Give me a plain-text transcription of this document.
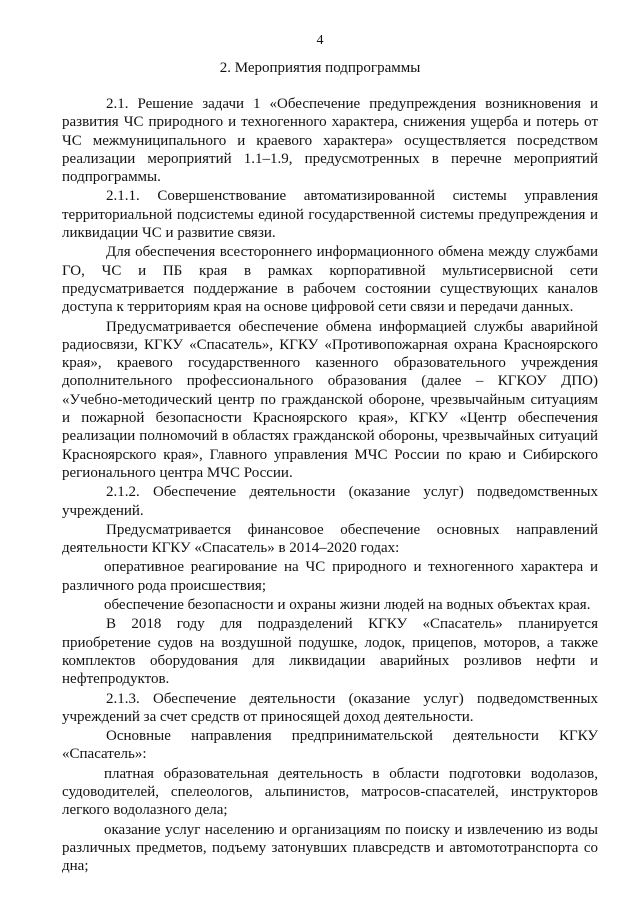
4
2. Мероприятия подпрограммы

2.1. Решение задачи 1 «Обеспечение предупреждения возникновения и развития ЧС природного и техногенного характера, снижения ущерба и потерь от ЧС межмуниципального и краевого характера» осуществляется посредством реализации мероприятий 1.1–1.9, предусмотренных в перечне мероприятий подпрограммы.

2.1.1. Совершенствование автоматизированной системы управления территориальной подсистемы единой государственной системы предупреждения и ликвидации ЧС и развитие связи.

Для обеспечения всестороннего информационного обмена между службами ГО, ЧС и ПБ края в рамках корпоративной мультисервисной сети предусматривается поддержание в рабочем состоянии существующих каналов доступа к территориям края на основе цифровой сети связи и передачи данных.

Предусматривается обеспечение обмена информацией службы аварийной радиосвязи, КГКУ «Спасатель», КГКУ «Противопожарная охрана Красноярского края», краевого государственного казенного образовательного учреждения дополнительного профессионального образования (далее – КГКОУ ДПО) «Учебно-методический центр по гражданской обороне, чрезвычайным ситуациям и пожарной безопасности Красноярского края», КГКУ «Центр обеспечения реализации полномочий в областях гражданской обороны, чрезвычайных ситуаций Красноярского края», Главного управления МЧС России по краю и Сибирского регионального центра МЧС России.

2.1.2. Обеспечение деятельности (оказание услуг) подведомственных учреждений.

Предусматривается финансовое обеспечение основных направлений деятельности КГКУ «Спасатель» в 2014–2020 годах:

оперативное реагирование на ЧС природного и техногенного характера и различного рода происшествия;

обеспечение безопасности и охраны жизни людей на водных объектах края.

В 2018 году для подразделений КГКУ «Спасатель» планируется приобретение судов на воздушной подушке, лодок, прицепов, моторов, а также комплектов оборудования для ликвидации аварийных розливов нефти и нефтепродуктов.

2.1.3. Обеспечение деятельности (оказание услуг) подведомственных учреждений за счет средств от приносящей доход деятельности.

Основные направления предпринимательской деятельности КГКУ «Спасатель»:

платная образовательная деятельность в области подготовки водолазов, судоводителей, спелеологов, альпинистов, матросов-спасателей, инструкторов легкого водолазного дела;

оказание услуг населению и организациям по поиску и извлечению из воды различных предметов, подъему затонувших плавсредств и автомототранспорта со дна;
